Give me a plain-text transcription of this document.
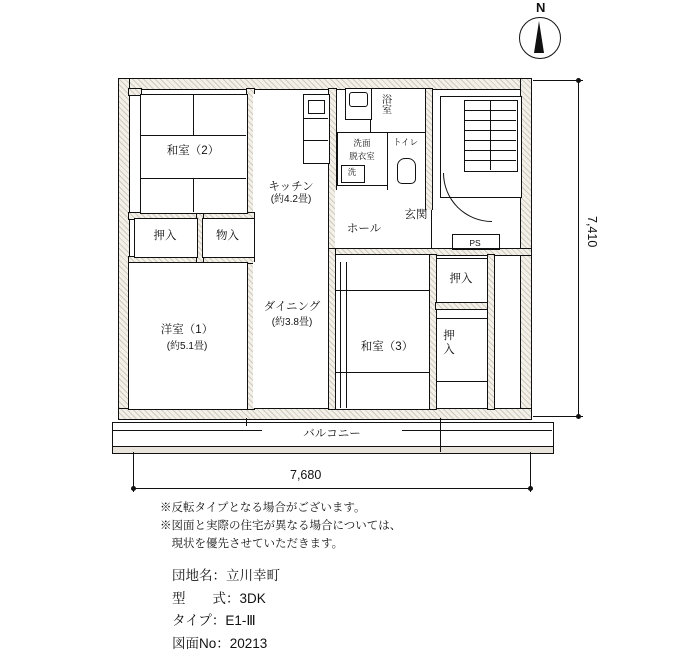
N
和室（2）
押入	物入
洋室（1）
(約5.1畳)
キッチン
(約4.2畳)
ダイニング
(約3.8畳)
浴室
洗面
脱衣室
洗
トイレ
ホール
玄関
PS
和室（3）
押入
押
入
バルコニー
7,410
7,680
※反転タイプとなる場合がございます。
※図面と実際の住宅が異なる場合については、
　現状を優先させていただきます。
団地名：立川幸町
型　　式：3DK
タイプ：E1-Ⅲ
図面No：20213
